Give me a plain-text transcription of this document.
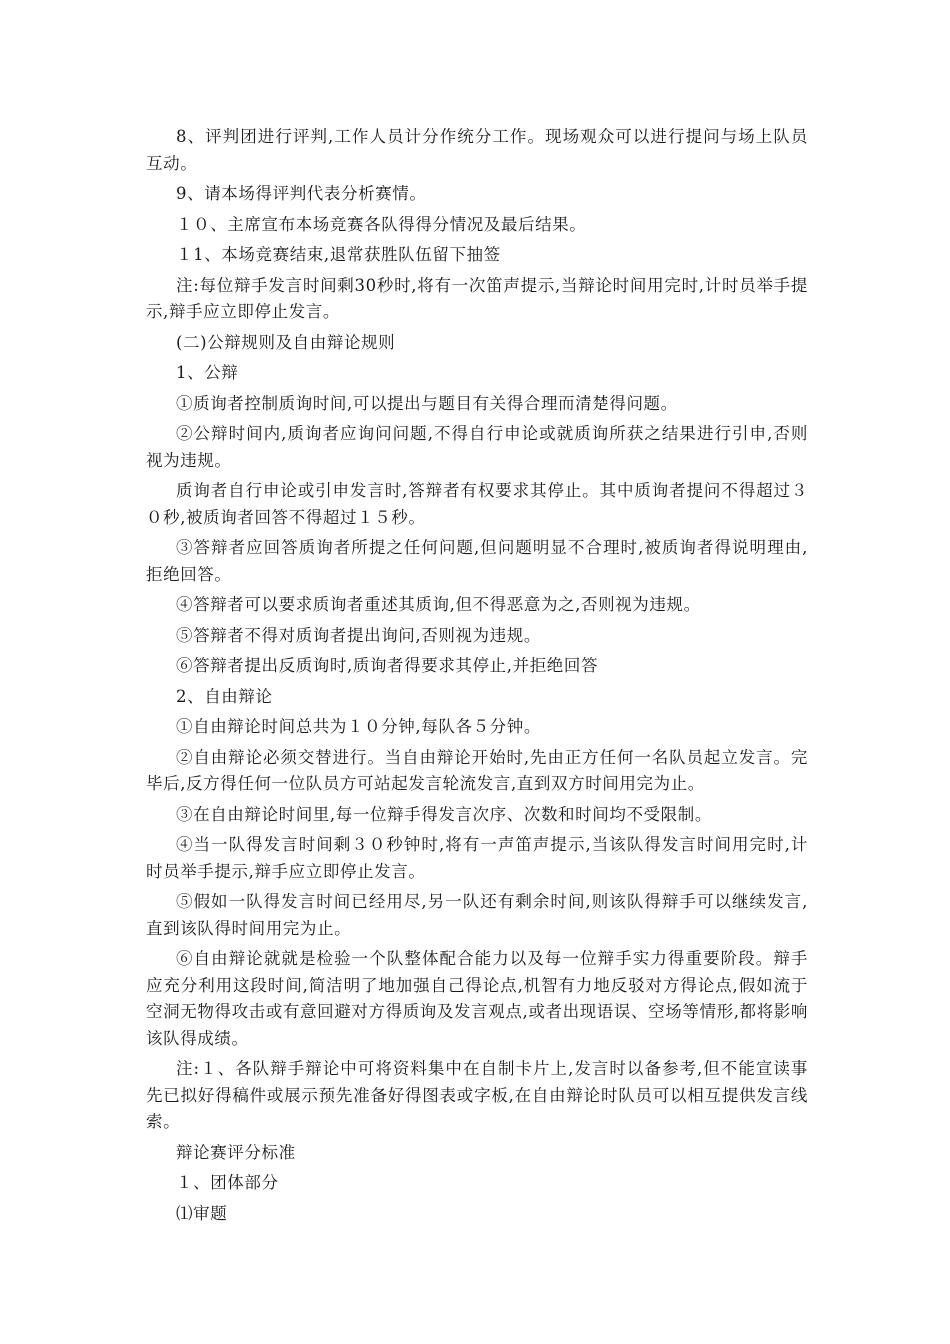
8、评判团进行评判,工作人员计分作统分工作。现场观众可以进行提问与场上队员互动。

9、请本场得评判代表分析赛情。

１０、主席宣布本场竞赛各队得得分情况及最后结果。

１1、本场竞赛结束,退常获胜队伍留下抽签

注:每位辩手发言时间剩30秒时,将有一次笛声提示,当辩论时间用完时,计时员举手提示,辩手应立即停止发言。

(二)公辩规则及自由辩论规则

1、公辩

①质询者控制质询时间,可以提出与题目有关得合理而清楚得问题。

②公辩时间内,质询者应询问问题,不得自行申论或就质询所获之结果进行引申,否则视为违规。

质询者自行申论或引申发言时,答辩者有权要求其停止。其中质询者提问不得超过３０秒,被质询者回答不得超过１５秒。

③答辩者应回答质询者所提之任何问题,但问题明显不合理时,被质询者得说明理由,拒绝回答。

④答辩者可以要求质询者重述其质询,但不得恶意为之,否则视为违规。

⑤答辩者不得对质询者提出询问,否则视为违规。

⑥答辩者提出反质询时,质询者得要求其停止,并拒绝回答

2、自由辩论

①自由辩论时间总共为１０分钟,每队各５分钟。

②自由辩论必须交替进行。当自由辩论开始时,先由正方任何一名队员起立发言。完毕后,反方得任何一位队员方可站起发言轮流发言,直到双方时间用完为止。

③在自由辩论时间里,每一位辩手得发言次序、次数和时间均不受限制。

④当一队得发言时间剩３０秒钟时,将有一声笛声提示,当该队得发言时间用完时,计时员举手提示,辩手应立即停止发言。

⑤假如一队得发言时间已经用尽,另一队还有剩余时间,则该队得辩手可以继续发言,直到该队得时间用完为止。

⑥自由辩论就就是检验一个队整体配合能力以及每一位辩手实力得重要阶段。辩手应充分利用这段时间,简洁明了地加强自己得论点,机智有力地反驳对方得论点,假如流于空洞无物得攻击或有意回避对方得质询及发言观点,或者出现语误、空场等情形,都将影响该队得成绩。

注:１、各队辩手辩论中可将资料集中在自制卡片上,发言时以备参考,但不能宣读事先已拟好得稿件或展示预先准备好得图表或字板,在自由辩论时队员可以相互提供发言线索。

辩论赛评分标准

１、团体部分

⑴审题
